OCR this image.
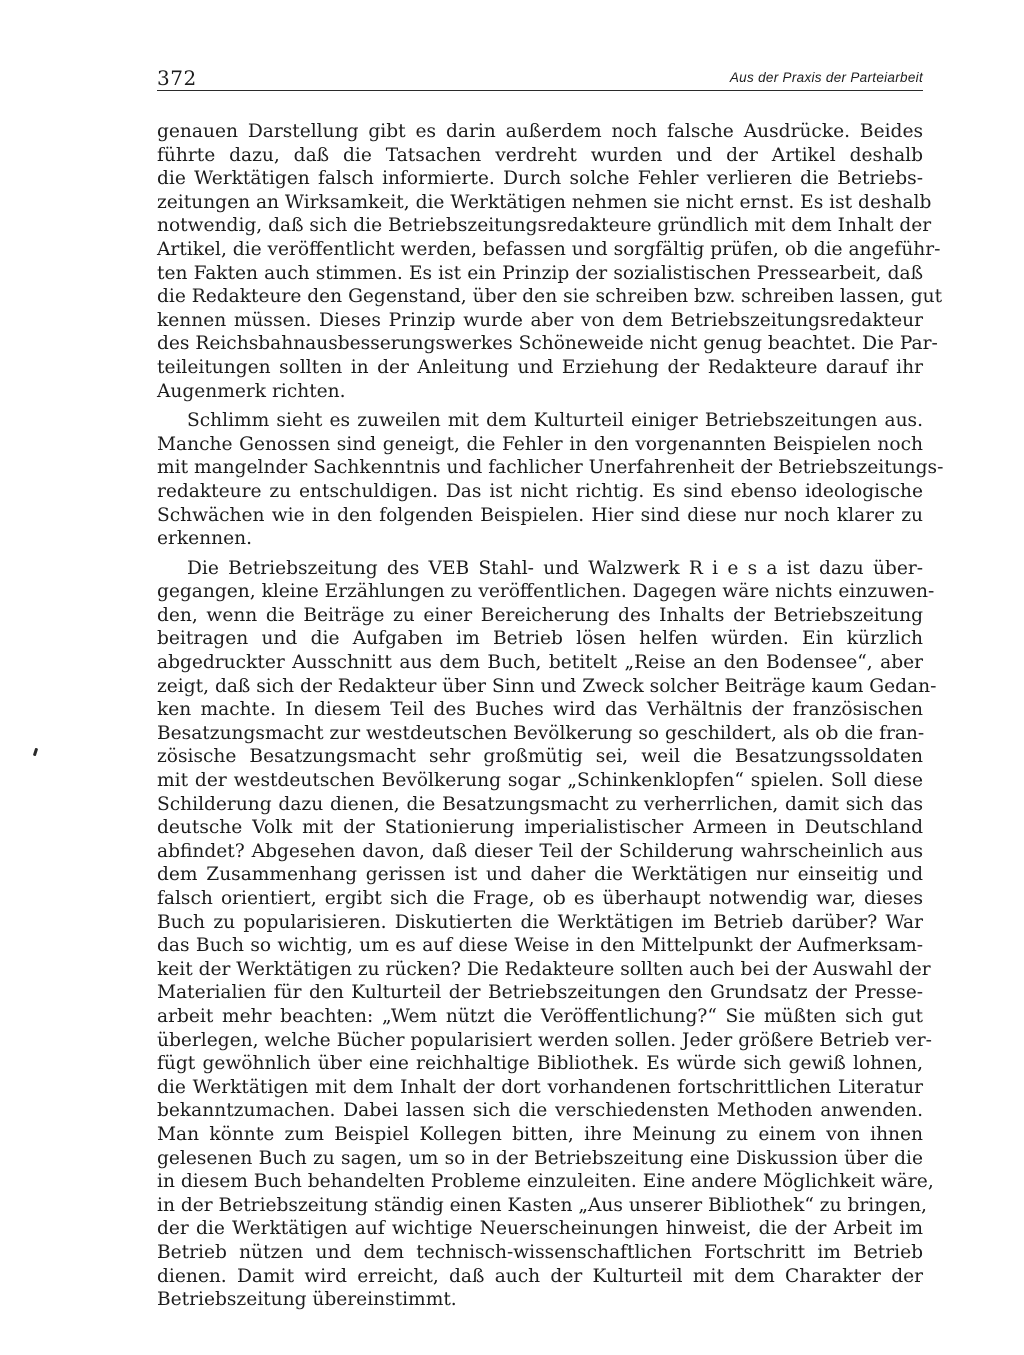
372	Aus der Praxis der Parteiarbeit
genauen Darstellung gibt es darin außerdem noch falsche Ausdrücke. Beides
führte dazu, daß die Tatsachen verdreht wurden und der Artikel deshalb
die Werktätigen falsch informierte. Durch solche Fehler verlieren die Betriebs-
zeitungen an Wirksamkeit, die Werktätigen nehmen sie nicht ernst. Es ist deshalb
notwendig, daß sich die Betriebszeitungsredakteure gründlich mit dem Inhalt der
Artikel, die veröffentlicht werden, befassen und sorgfältig prüfen, ob die angeführ-
ten Fakten auch stimmen. Es ist ein Prinzip der sozialistischen Pressearbeit, daß
die Redakteure den Gegenstand, über den sie schreiben bzw. schreiben lassen, gut
kennen müssen. Dieses Prinzip wurde aber von dem Betriebszeitungsredakteur
des Reichsbahnausbesserungswerkes Schöneweide nicht genug beachtet. Die Par-
teileitungen sollten in der Anleitung und Erziehung der Redakteure darauf ihr
Augenmerk richten.
Schlimm sieht es zuweilen mit dem Kulturteil einiger Betriebszeitungen aus.
Manche Genossen sind geneigt, die Fehler in den vorgenannten Beispielen noch
mit mangelnder Sachkenntnis und fachlicher Unerfahrenheit der Betriebszeitungs-
redakteure zu entschuldigen. Das ist nicht richtig. Es sind ebenso ideologische
Schwächen wie in den folgenden Beispielen. Hier sind diese nur noch klarer zu
erkennen.
Die Betriebszeitung des VEB Stahl- und Walzwerk R i e s a ist dazu über-
gegangen, kleine Erzählungen zu veröffentlichen. Dagegen wäre nichts einzuwen-
den, wenn die Beiträge zu einer Bereicherung des Inhalts der Betriebszeitung
beitragen und die Aufgaben im Betrieb lösen helfen würden. Ein kürzlich
abgedruckter Ausschnitt aus dem Buch, betitelt „Reise an den Bodensee“, aber
zeigt, daß sich der Redakteur über Sinn und Zweck solcher Beiträge kaum Gedan-
ken machte. In diesem Teil des Buches wird das Verhältnis der französischen
Besatzungsmacht zur westdeutschen Bevölkerung so geschildert, als ob die fran-
zösische Besatzungsmacht sehr großmütig sei, weil die Besatzungssoldaten
mit der westdeutschen Bevölkerung sogar „Schinkenklopfen“ spielen. Soll diese
Schilderung dazu dienen, die Besatzungsmacht zu verherrlichen, damit sich das
deutsche Volk mit der Stationierung imperialistischer Armeen in Deutschland
abfindet? Abgesehen davon, daß dieser Teil der Schilderung wahrscheinlich aus
dem Zusammenhang gerissen ist und daher die Werktätigen nur einseitig und
falsch orientiert, ergibt sich die Frage, ob es überhaupt notwendig war, dieses
Buch zu popularisieren. Diskutierten die Werktätigen im Betrieb darüber? War
das Buch so wichtig, um es auf diese Weise in den Mittelpunkt der Aufmerksam-
keit der Werktätigen zu rücken? Die Redakteure sollten auch bei der Auswahl der
Materialien für den Kulturteil der Betriebszeitungen den Grundsatz der Presse-
arbeit mehr beachten: „Wem nützt die Veröffentlichung?“ Sie müßten sich gut
überlegen, welche Bücher popularisiert werden sollen. Jeder größere Betrieb ver-
fügt gewöhnlich über eine reichhaltige Bibliothek. Es würde sich gewiß lohnen,
die Werktätigen mit dem Inhalt der dort vorhandenen fortschrittlichen Literatur
bekanntzumachen. Dabei lassen sich die verschiedensten Methoden anwenden.
Man könnte zum Beispiel Kollegen bitten, ihre Meinung zu einem von ihnen
gelesenen Buch zu sagen, um so in der Betriebszeitung eine Diskussion über die
in diesem Buch behandelten Probleme einzuleiten. Eine andere Möglichkeit wäre,
in der Betriebszeitung ständig einen Kasten „Aus unserer Bibliothek“ zu bringen,
der die Werktätigen auf wichtige Neuerscheinungen hinweist, die der Arbeit im
Betrieb nützen und dem technisch-wissenschaftlichen Fortschritt im Betrieb
dienen. Damit wird erreicht, daß auch der Kulturteil mit dem Charakter der
Betriebszeitung übereinstimmt.
